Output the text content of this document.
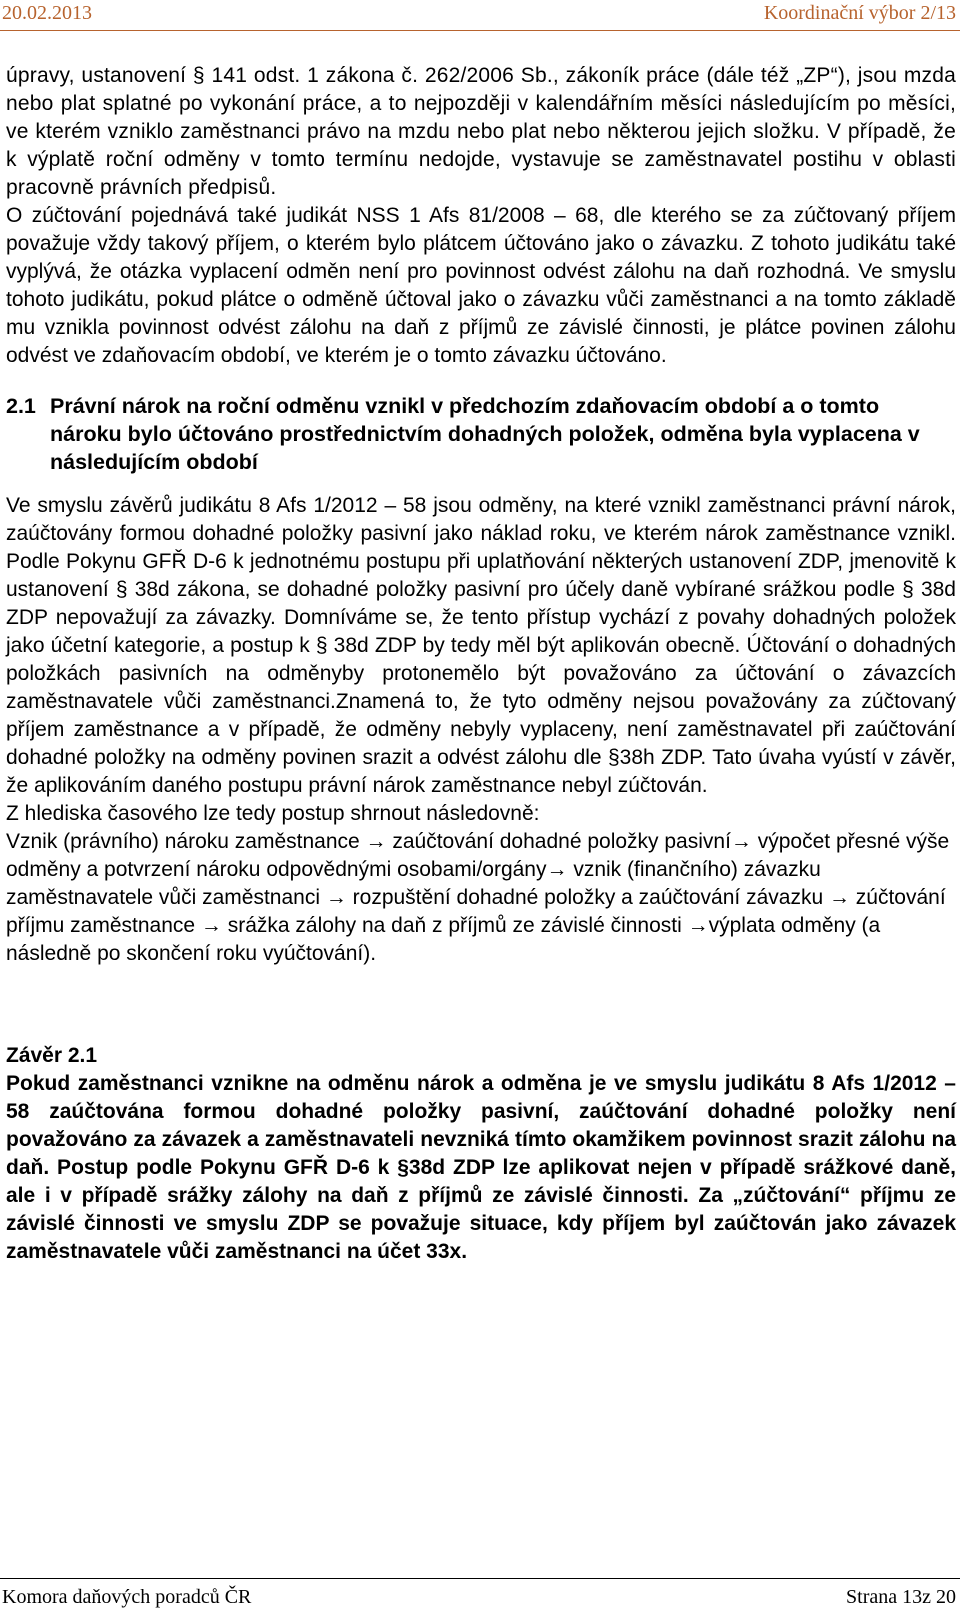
20.02.2013	Koordinační výbor 2/13

úpravy, ustanovení § 141 odst. 1 zákona č. 262/2006 Sb., zákoník práce (dále též „ZP“), jsou mzda nebo plat splatné po vykonání práce, a to nejpozději v kalendářním měsíci následujícím po měsíci, ve kterém vzniklo zaměstnanci právo na mzdu nebo plat nebo některou jejich složku. V případě, že k výplatě roční odměny v tomto termínu nedojde, vystavuje se zaměstnavatel postihu v oblasti pracovně právních předpisů.

O zúčtování pojednává také judikát NSS 1 Afs 81/2008 – 68, dle kterého se za zúčtovaný příjem považuje vždy takový příjem, o kterém bylo plátcem účtováno jako o závazku. Z tohoto judikátu také vyplývá, že otázka vyplacení odměn není pro povinnost odvést zálohu na daň rozhodná. Ve smyslu tohoto judikátu, pokud plátce o odměně účtoval jako o závazku vůči zaměstnanci a na tomto základě mu vznikla povinnost odvést zálohu na daň z příjmů ze závislé činnosti, je plátce povinen zálohu odvést ve zdaňovacím období, ve kterém je o tomto závazku účtováno.

2.1 Právní nárok na roční odměnu vznikl v předchozím zdaňovacím období a o tomto nároku bylo účtováno prostřednictvím dohadných položek, odměna byla vyplacena v následujícím období

Ve smyslu závěrů judikátu 8 Afs 1/2012 – 58 jsou odměny, na které vznikl zaměstnanci právní nárok, zaúčtovány formou dohadné položky pasivní jako náklad roku, ve kterém nárok zaměstnance vznikl. Podle Pokynu GFŘ D-6 k jednotnému postupu při uplatňování některých ustanovení ZDP, jmenovitě k ustanovení § 38d zákona, se dohadné položky pasivní pro účely daně vybírané srážkou podle § 38d ZDP nepovažují za závazky. Domníváme se, že tento přístup vychází z povahy dohadných položek jako účetní kategorie, a postup k § 38d ZDP by tedy měl být aplikován obecně. Účtování o dohadných položkách pasivních na odměnyby protonemělo být považováno za účtování o závazcích zaměstnavatele vůči zaměstnanci.Znamená to, že tyto odměny nejsou považovány za zúčtovaný příjem zaměstnance a v případě, že odměny nebyly vyplaceny, není zaměstnavatel při zaúčtování dohadné položky na odměny povinen srazit a odvést zálohu dle §38h ZDP. Tato úvaha vyústí v závěr, že aplikováním daného postupu právní nárok zaměstnance nebyl zúčtován.

Z hlediska časového lze tedy postup shrnout následovně:

Vznik (právního) nároku zaměstnance → zaúčtování dohadné položky pasivní→ výpočet přesné výše odměny a potvrzení nároku odpovědnými osobami/orgány→ vznik (finančního) závazku zaměstnavatele vůči zaměstnanci → rozpuštění dohadné položky a zaúčtování závazku → zúčtování příjmu zaměstnance → srážka zálohy na daň z příjmů ze závislé činnosti →výplata odměny (a následně po skončení roku vyúčtování).

Závěr 2.1

Pokud zaměstnanci vznikne na odměnu nárok a odměna je ve smyslu judikátu 8 Afs 1/2012 – 58 zaúčtována formou dohadné položky pasivní, zaúčtování dohadné položky není považováno za závazek a zaměstnavateli nevzniká tímto okamžikem povinnost srazit zálohu na daň. Postup podle Pokynu GFŘ D-6 k §38d ZDP lze aplikovat nejen v případě srážkové daně, ale i v případě srážky zálohy na daň z příjmů ze závislé činnosti. Za „zúčtování“ příjmu ze závislé činnosti ve smyslu ZDP se považuje situace, kdy příjem byl zaúčtován jako závazek zaměstnavatele vůči zaměstnanci na účet 33x.

Komora daňových poradců ČR	Strana 13z 20
